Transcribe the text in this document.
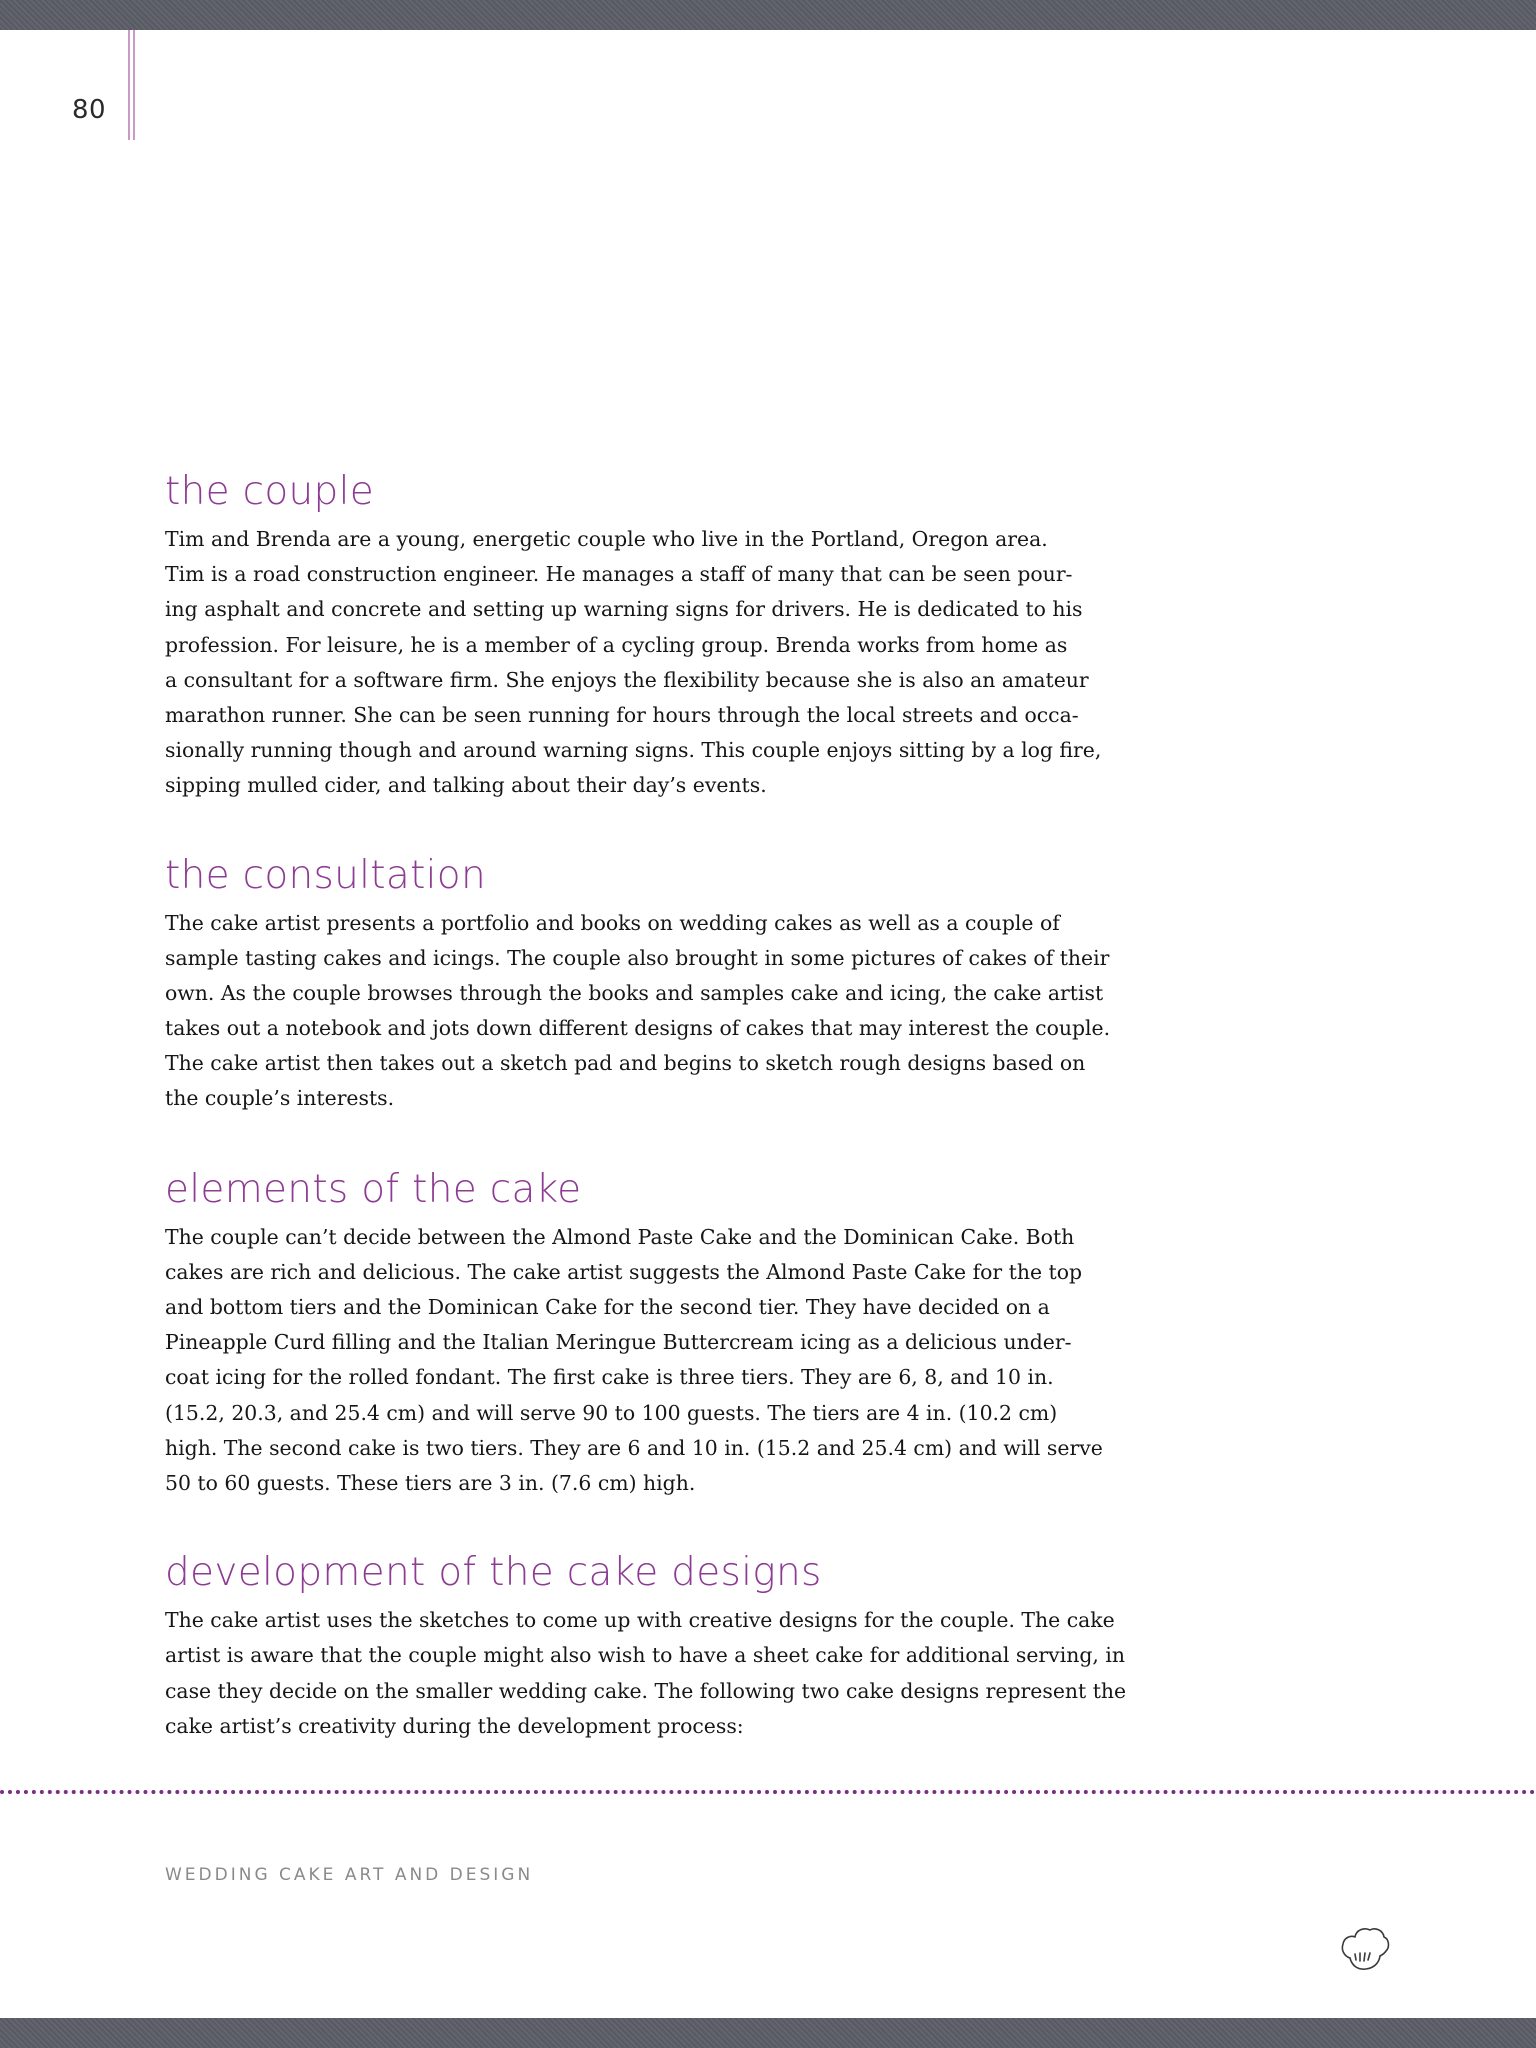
80
the couple

Tim and Brenda are a young, energetic couple who live in the Portland, Oregon area.
Tim is a road construction engineer. He manages a staff of many that can be seen pour-
ing asphalt and concrete and setting up warning signs for drivers. He is dedicated to his
profession. For leisure, he is a member of a cycling group. Brenda works from home as
a consultant for a software firm. She enjoys the flexibility because she is also an amateur
marathon runner. She can be seen running for hours through the local streets and occa-
sionally running though and around warning signs. This couple enjoys sitting by a log fire,
sipping mulled cider, and talking about their day’s events.

the consultation

The cake artist presents a portfolio and books on wedding cakes as well as a couple of
sample tasting cakes and icings. The couple also brought in some pictures of cakes of their
own. As the couple browses through the books and samples cake and icing, the cake artist
takes out a notebook and jots down different designs of cakes that may interest the couple.
The cake artist then takes out a sketch pad and begins to sketch rough designs based on
the couple’s interests.

elements of the cake

The couple can’t decide between the Almond Paste Cake and the Dominican Cake. Both
cakes are rich and delicious. The cake artist suggests the Almond Paste Cake for the top
and bottom tiers and the Dominican Cake for the second tier. They have decided on a
Pineapple Curd filling and the Italian Meringue Buttercream icing as a delicious under-
coat icing for the rolled fondant. The first cake is three tiers. They are 6, 8, and 10 in.
(15.2, 20.3, and 25.4 cm) and will serve 90 to 100 guests. The tiers are 4 in. (10.2 cm)
high. The second cake is two tiers. They are 6 and 10 in. (15.2 and 25.4 cm) and will serve
50 to 60 guests. These tiers are 3 in. (7.6 cm) high.

development of the cake designs

The cake artist uses the sketches to come up with creative designs for the couple. The cake
artist is aware that the couple might also wish to have a sheet cake for additional serving, in
case they decide on the smaller wedding cake. The following two cake designs represent the
cake artist’s creativity during the development process:

WEDDING CAKE ART AND DESIGN
